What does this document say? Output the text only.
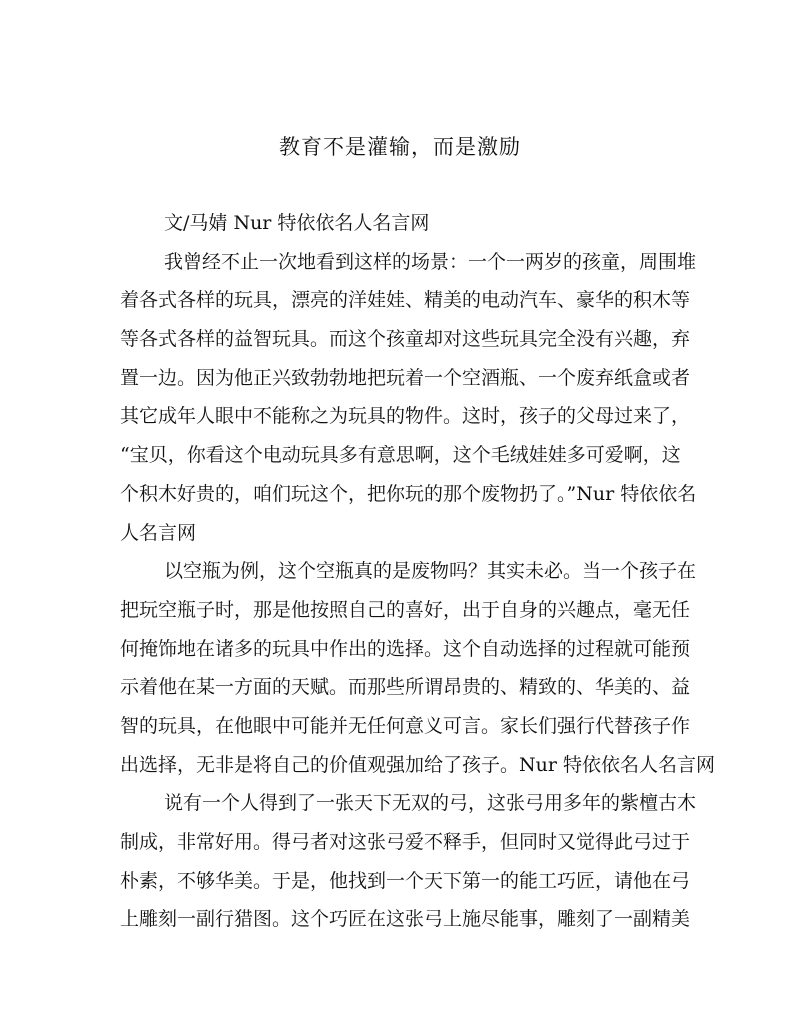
教育不是灌输，而是激励
文/马婧 Nur 特依依名人名言网
我曾经不止一次地看到这样的场景：一个一两岁的孩童，周围堆
着各式各样的玩具，漂亮的洋娃娃、精美的电动汽车、豪华的积木等
等各式各样的益智玩具。而这个孩童却对这些玩具完全没有兴趣，弃
置一边。因为他正兴致勃勃地把玩着一个空酒瓶、一个废弃纸盒或者
其它成年人眼中不能称之为玩具的物件。这时，孩子的父母过来了，
“宝贝，你看这个电动玩具多有意思啊，这个毛绒娃娃多可爱啊，这
个积木好贵的，咱们玩这个，把你玩的那个废物扔了。”Nur 特依依名
人名言网
以空瓶为例，这个空瓶真的是废物吗？其实未必。当一个孩子在
把玩空瓶子时，那是他按照自己的喜好，出于自身的兴趣点，毫无任
何掩饰地在诸多的玩具中作出的选择。这个自动选择的过程就可能预
示着他在某一方面的天赋。而那些所谓昂贵的、精致的、华美的、益
智的玩具，在他眼中可能并无任何意义可言。家长们强行代替孩子作
出选择，无非是将自己的价值观强加给了孩子。Nur 特依依名人名言网
说有一个人得到了一张天下无双的弓，这张弓用多年的紫檀古木
制成，非常好用。得弓者对这张弓爱不释手，但同时又觉得此弓过于
朴素，不够华美。于是，他找到一个天下第一的能工巧匠，请他在弓
上雕刻一副行猎图。这个巧匠在这张弓上施尽能事，雕刻了一副精美
